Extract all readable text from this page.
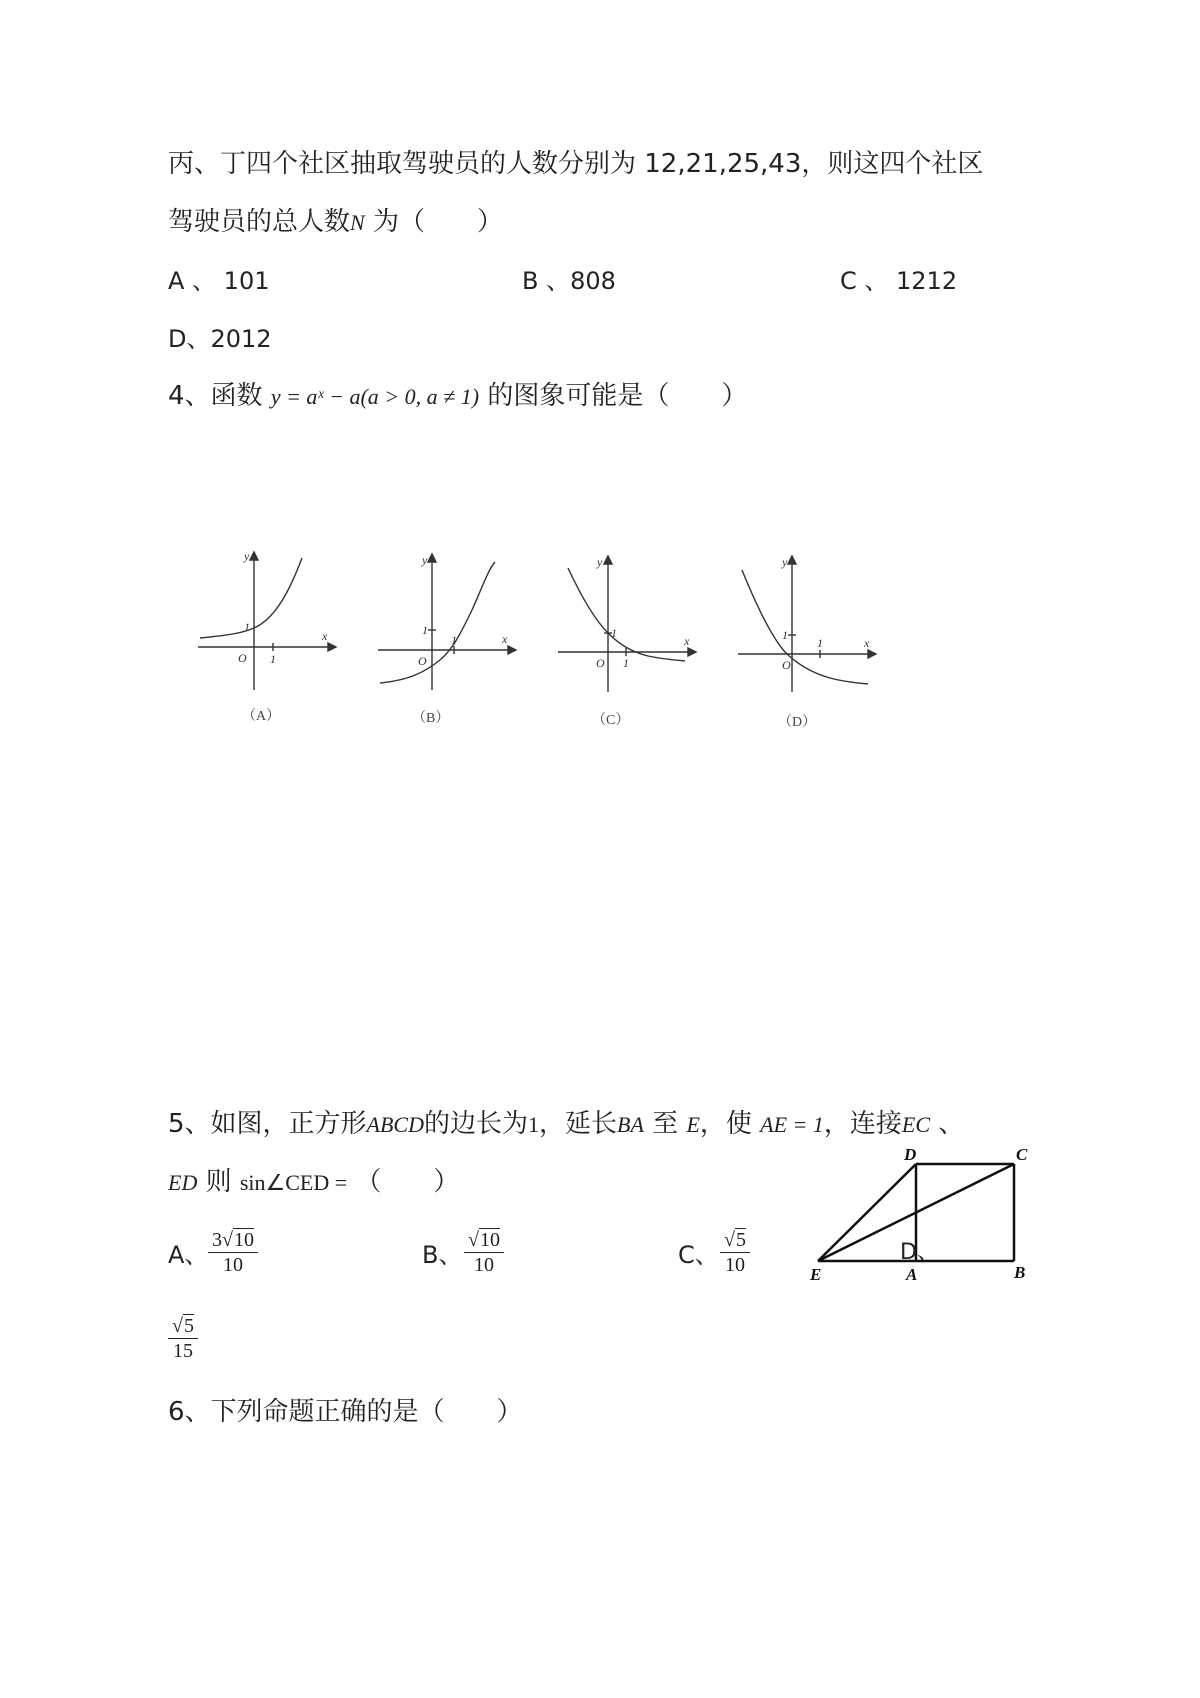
丙、丁四个社区抽取驾驶员的人数分别为 12,21,25,43，则这四个社区
驾驶员的总人数N 为（　　）
A 、 101	B 、808	C 、 1212
D、2012
4、函数 y = aˣ − a(a > 0, a ≠ 1) 的图象可能是（　　）
y
x
O
1
1
y
x
O
1
1
y
x
O
1
1
y
x
O
1
1
（A）	（B）	（C）	（D）
5、如图，正方形ABCD的边长为1，延长BA 至 E，使 AE = 1，连接EC 、
ED 则 sin∠CED = （　　）
A、 $\frac{3√10}{10}$	B、 $\frac{√10}{10}$	C、 $\frac{√5}{10}$
$\frac{√5}{15}$
D	C
E	A	B
D、
6、下列命题正确的是（　　）
